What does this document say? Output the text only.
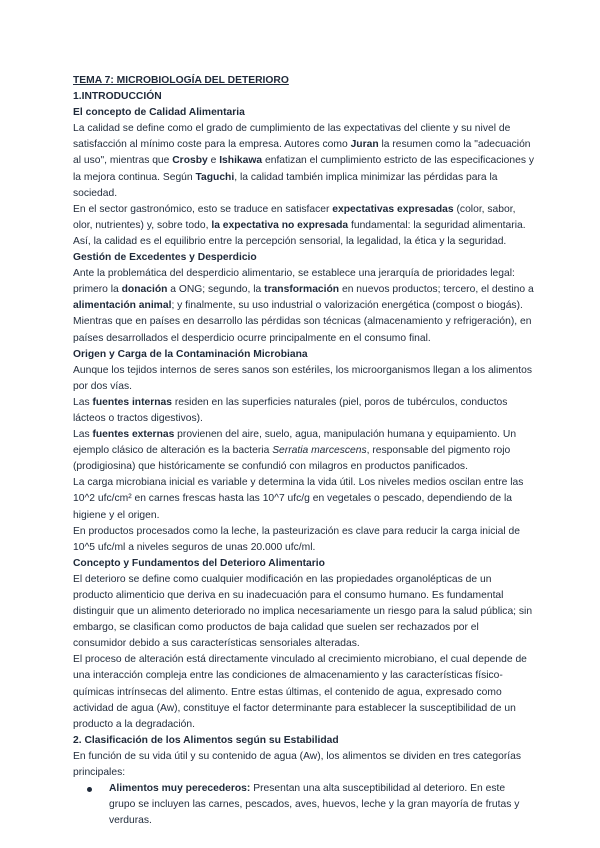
TEMA 7: MICROBIOLOGÍA DEL DETERIORO
1.INTRODUCCIÓN
El concepto de Calidad Alimentaria

La calidad se define como el grado de cumplimiento de las expectativas del cliente y su nivel de satisfacción al mínimo coste para la empresa. Autores como Juran la resumen como la "adecuación al uso", mientras que Crosby e Ishikawa enfatizan el cumplimiento estricto de las especificaciones y la mejora continua. Según Taguchi, la calidad también implica minimizar las pérdidas para la sociedad.

En el sector gastronómico, esto se traduce en satisfacer expectativas expresadas (color, sabor, olor, nutrientes) y, sobre todo, la expectativa no expresada fundamental: la seguridad alimentaria. Así, la calidad es el equilibrio entre la percepción sensorial, la legalidad, la ética y la seguridad.

Gestión de Excedentes y Desperdicio

Ante la problemática del desperdicio alimentario, se establece una jerarquía de prioridades legal: primero la donación a ONG; segundo, la transformación en nuevos productos; tercero, el destino a alimentación animal; y finalmente, su uso industrial o valorización energética (compost o biogás).

Mientras que en países en desarrollo las pérdidas son técnicas (almacenamiento y refrigeración), en países desarrollados el desperdicio ocurre principalmente en el consumo final.

Origen y Carga de la Contaminación Microbiana

Aunque los tejidos internos de seres sanos son estériles, los microorganismos llegan a los alimentos por dos vías.

Las fuentes internas residen en las superficies naturales (piel, poros de tubérculos, conductos lácteos o tractos digestivos).

Las fuentes externas provienen del aire, suelo, agua, manipulación humana y equipamiento. Un ejemplo clásico de alteración es la bacteria Serratia marcescens, responsable del pigmento rojo (prodigiosina) que históricamente se confundió con milagros en productos panificados.

La carga microbiana inicial es variable y determina la vida útil. Los niveles medios oscilan entre las 10^2 ufc/cm² en carnes frescas hasta las 10^7 ufc/g en vegetales o pescado, dependiendo de la higiene y el origen.

En productos procesados como la leche, la pasteurización es clave para reducir la carga inicial de 10^5 ufc/ml a niveles seguros de unas 20.000 ufc/ml.

Concepto y Fundamentos del Deterioro Alimentario

El deterioro se define como cualquier modificación en las propiedades organolépticas de un producto alimenticio que deriva en su inadecuación para el consumo humano. Es fundamental distinguir que un alimento deteriorado no implica necesariamente un riesgo para la salud pública; sin embargo, se clasifican como productos de baja calidad que suelen ser rechazados por el consumidor debido a sus características sensoriales alteradas.

El proceso de alteración está directamente vinculado al crecimiento microbiano, el cual depende de una interacción compleja entre las condiciones de almacenamiento y las características físico-químicas intrínsecas del alimento. Entre estas últimas, el contenido de agua, expresado como actividad de agua (Aw), constituye el factor determinante para establecer la susceptibilidad de un producto a la degradación.

2. Clasificación de los Alimentos según su Estabilidad

En función de su vida útil y su contenido de agua (Aw), los alimentos se dividen en tres categorías principales:

Alimentos muy perecederos: Presentan una alta susceptibilidad al deterioro. En este grupo se incluyen las carnes, pescados, aves, huevos, leche y la gran mayoría de frutas y verduras.
